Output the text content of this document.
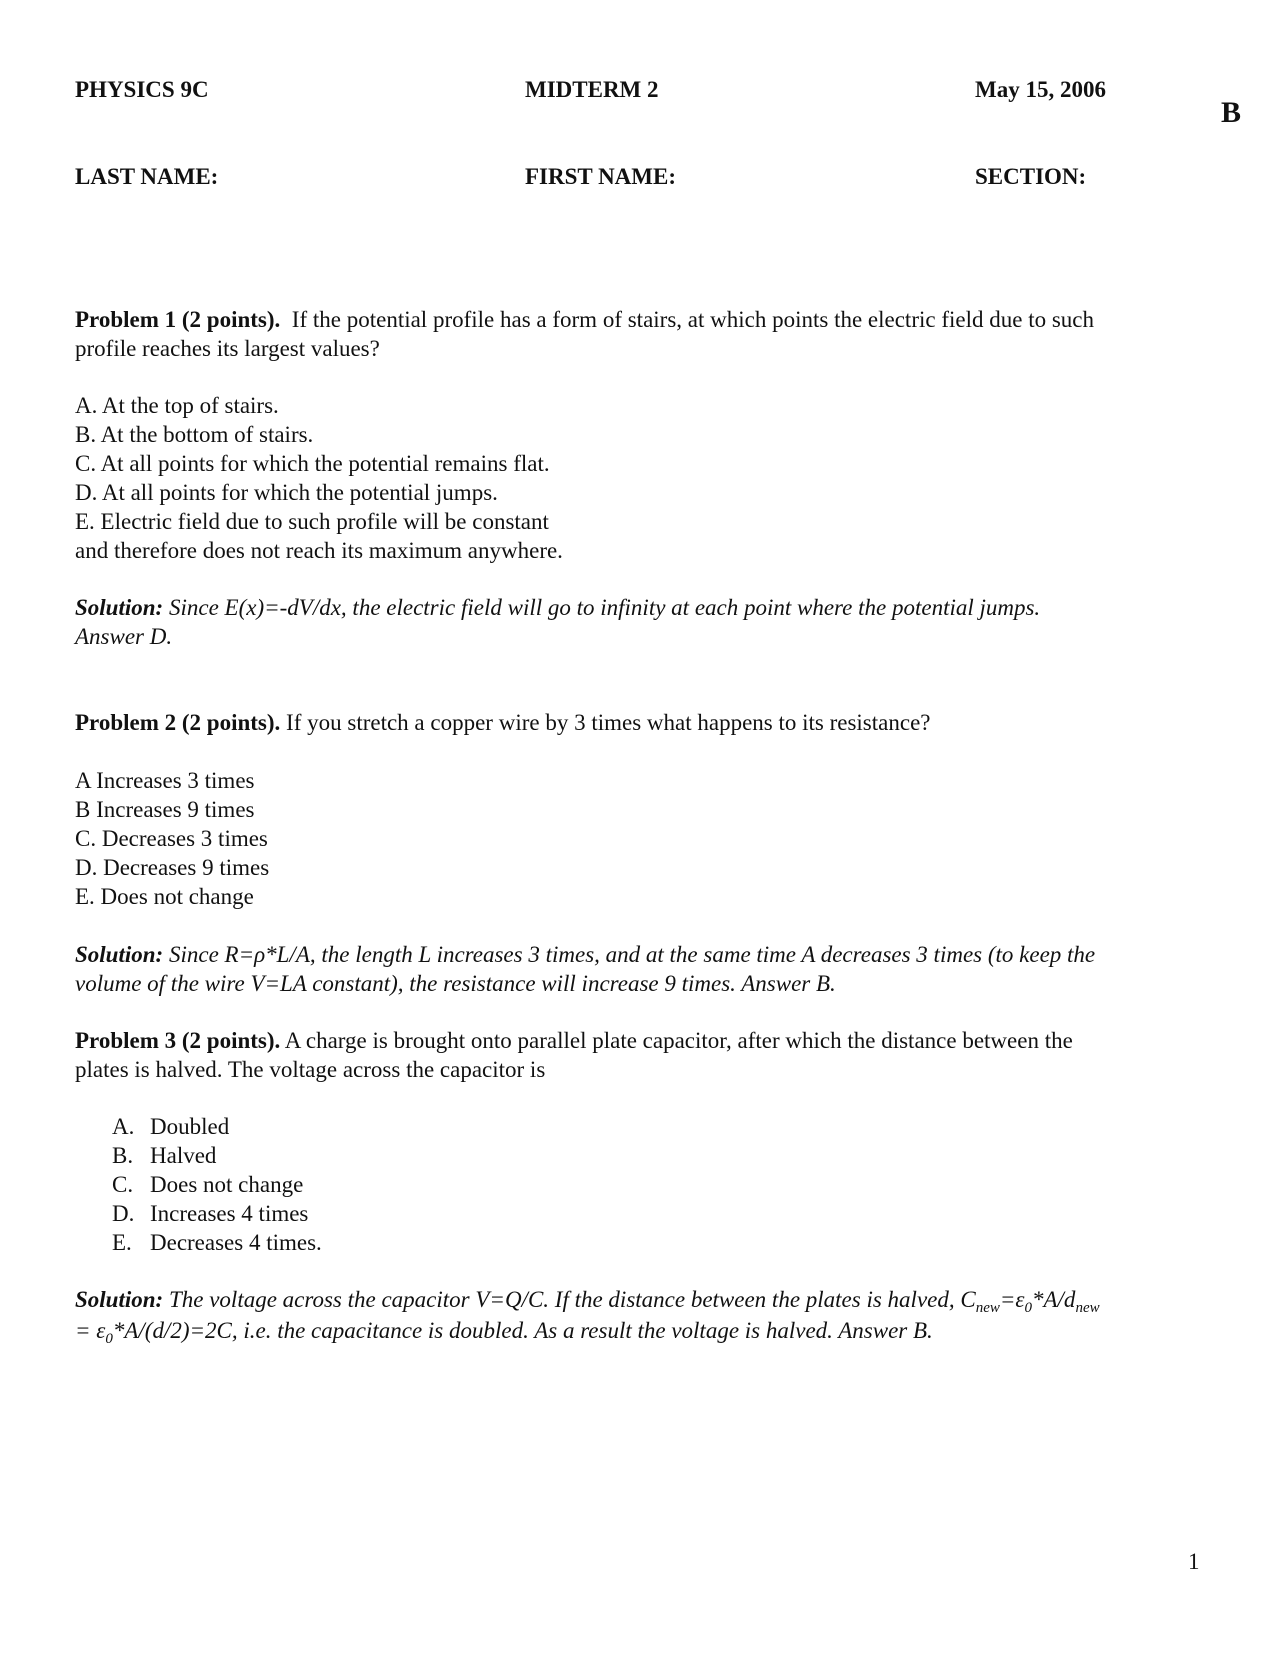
PHYSICS 9C	MIDTERM 2	May 15, 2006
B
LAST NAME:	FIRST NAME:	SECTION:
Problem 1 (2 points). If the potential profile has a form of stairs, at which points the electric field due to such
profile reaches its largest values?
A. At the top of stairs.
B. At the bottom of stairs.
C. At all points for which the potential remains flat.
D. At all points for which the potential jumps.
E. Electric field due to such profile will be constant
and therefore does not reach its maximum anywhere.
Solution: Since E(x)=-dV/dx, the electric field will go to infinity at each point where the potential jumps.
Answer D.
Problem 2 (2 points). If you stretch a copper wire by 3 times what happens to its resistance?
A Increases 3 times
B Increases 9 times
C. Decreases 3 times
D. Decreases 9 times
E. Does not change
Solution: Since R=ρ*L/A, the length L increases 3 times, and at the same time A decreases 3 times (to keep the
volume of the wire V=LA constant), the resistance will increase 9 times. Answer B.
Problem 3 (2 points). A charge is brought onto parallel plate capacitor, after which the distance between the
plates is halved. The voltage across the capacitor is
A. Doubled
B. Halved
C. Does not change
D. Increases 4 times
E. Decreases 4 times.
Solution: The voltage across the capacitor V=Q/C. If the distance between the plates is halved, $C_{new}=\varepsilon_0*A/d_{new}$
= $\varepsilon_0*A/(d/2)=2C$, i.e. the capacitance is doubled. As a result the voltage is halved. Answer B.
1
